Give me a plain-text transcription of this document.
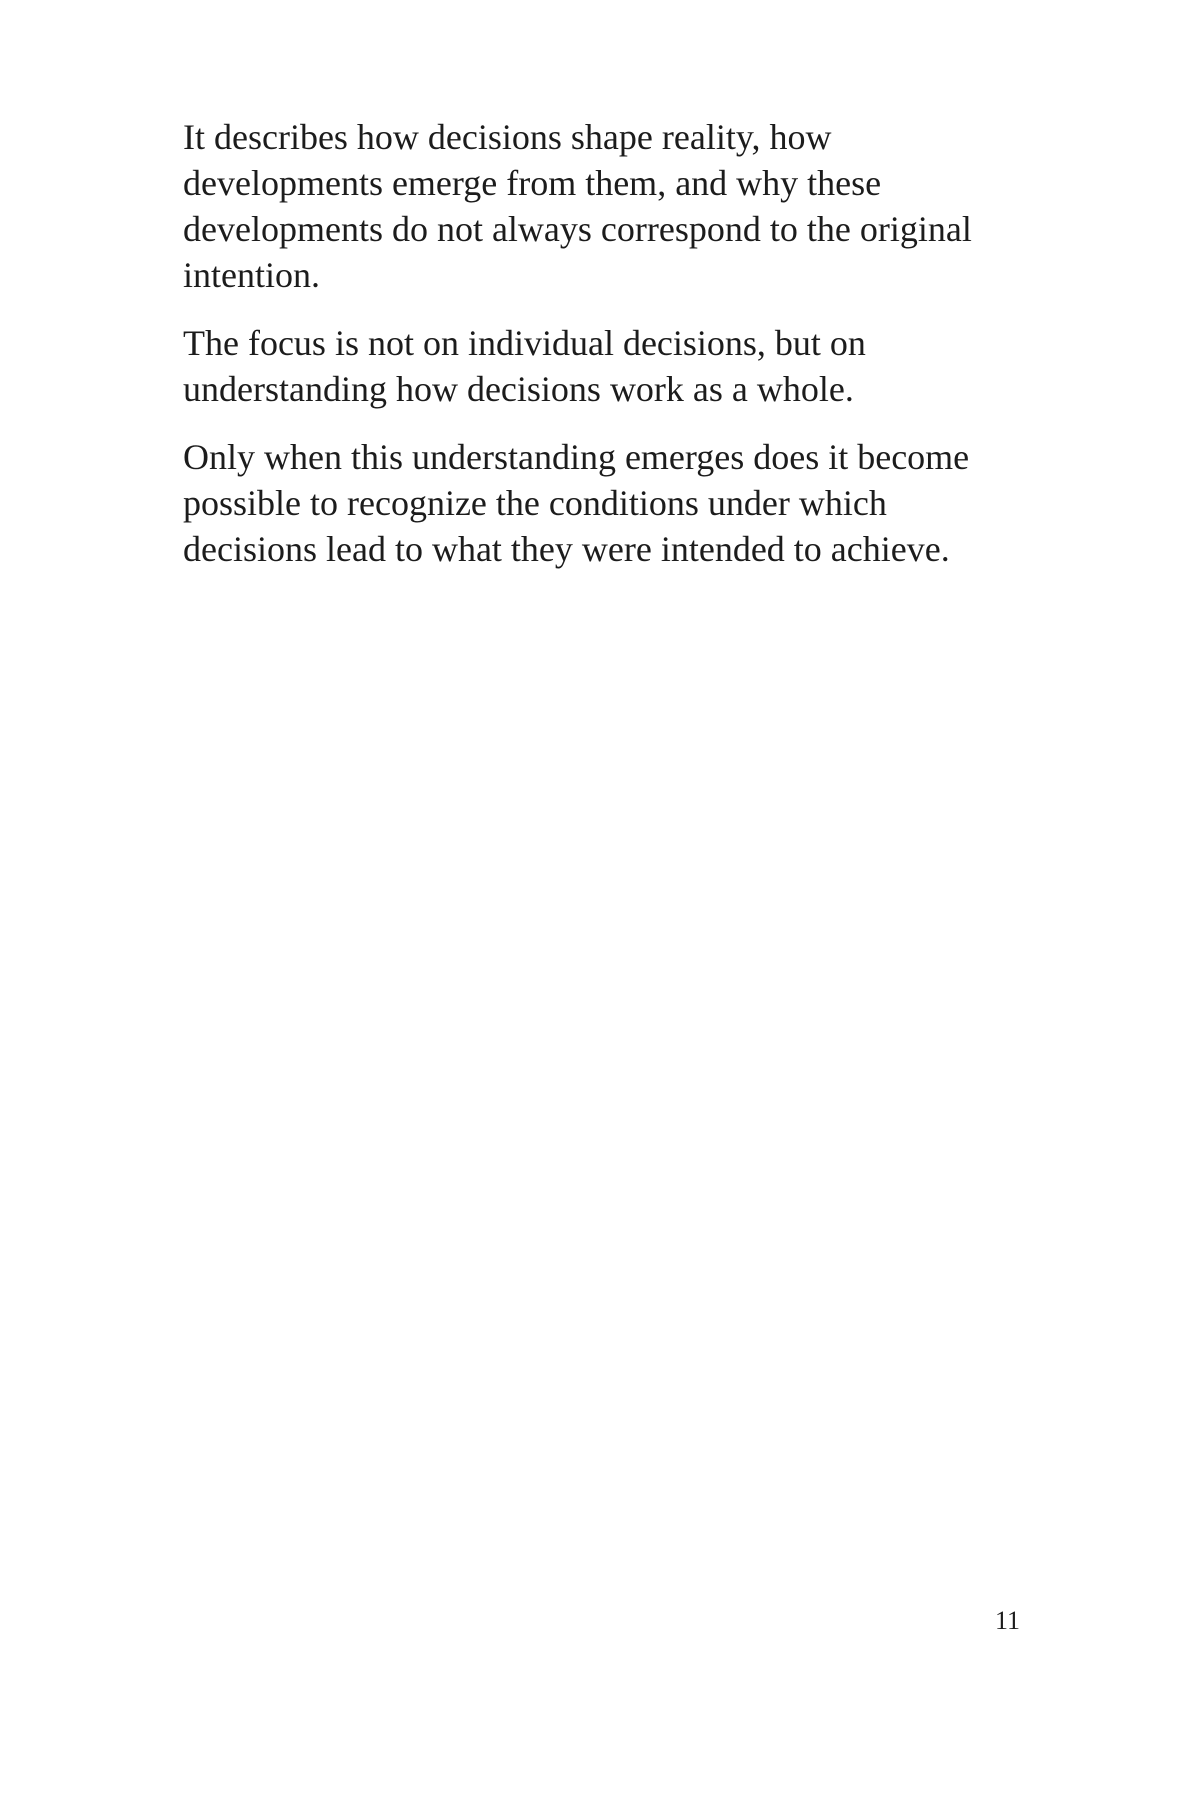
It describes how decisions shape reality, how
developments emerge from them, and why these
developments do not always correspond to the original
intention.

The focus is not on individual decisions, but on
understanding how decisions work as a whole.

Only when this understanding emerges does it become
possible to recognize the conditions under which
decisions lead to what they were intended to achieve.

11
